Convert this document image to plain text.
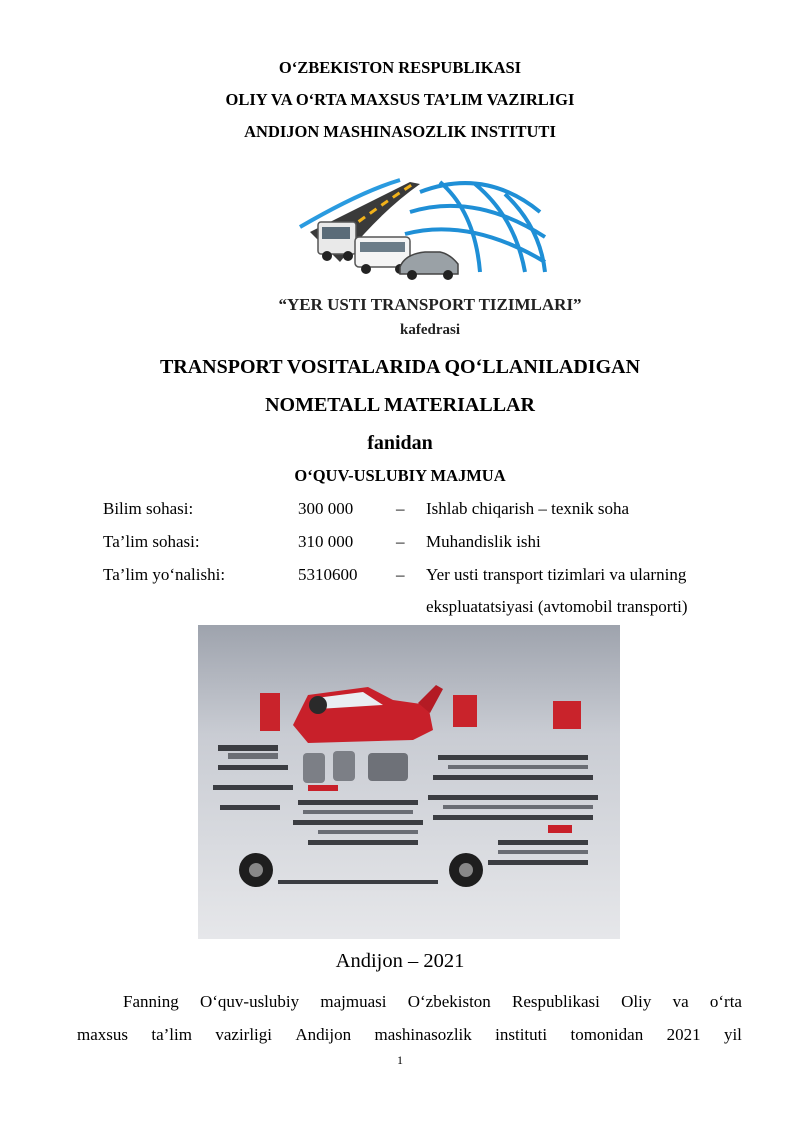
O‘ZBEKISTON RESPUBLIKASI
OLIY VA O‘RTA MAXSUS TA’LIM VAZIRLIGI
ANDIJON MASHINASOZLIK INSTITUTI
“YER USTI TRANSPORT TIZIMLARI”
kafedrasi
TRANSPORT VOSITALARIDA QO‘LLANILADIGAN
NOMETALL MATERIALLAR
fanidan
O‘QUV-USLUBIY MAJMUA
Bilim sohasi:	300 000	– Ishlab chiqarish – texnik soha
Ta’lim sohasi:	310 000	– Muhandislik ishi
Ta’lim yo‘nalishi:	5310600 – Yer usti transport tizimlari va ularning
ekspluatatsiyasi (avtomobil transporti)
Andijon – 2021
Fanning O‘quv-uslubiy majmuasi O‘zbekiston Respublikasi Oliy va o‘rta
maxsus ta’lim vazirligi Andijon mashinasozlik instituti tomonidan 2021 yil
1
